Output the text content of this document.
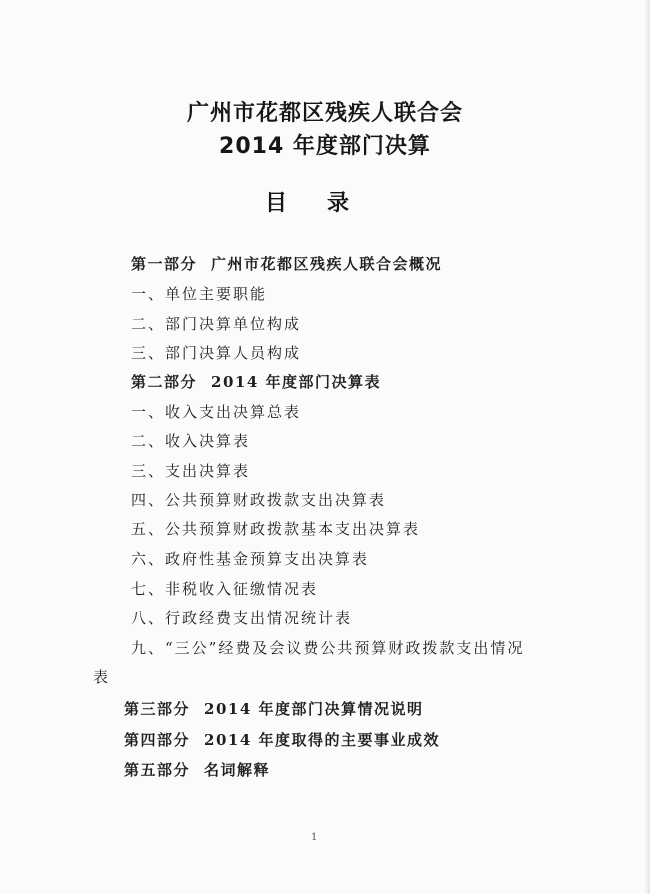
广州市花都区残疾人联合会
2014 年度部门决算
目 录
第一部分 广州市花都区残疾人联合会概况
一、单位主要职能
二、部门决算单位构成
三、部门决算人员构成
第二部分 2014 年度部门决算表
一、收入支出决算总表
二、收入决算表
三、支出决算表
四、公共预算财政拨款支出决算表
五、公共预算财政拨款基本支出决算表
六、政府性基金预算支出决算表
七、非税收入征缴情况表
八、行政经费支出情况统计表
九、“三公”经费及会议费公共预算财政拨款支出情况
表
第三部分 2014 年度部门决算情况说明
第四部分 2014 年度取得的主要事业成效
第五部分 名词解释
1
